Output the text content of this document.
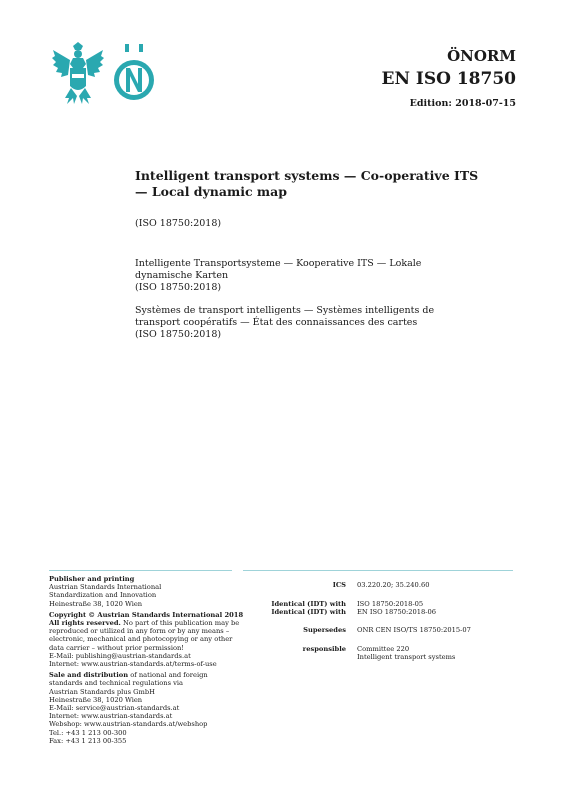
ÖNORM
EN ISO 18750
Edition: 2018-07-15
Intelligent transport systems — Co-operative ITS — Local dynamic map
(ISO 18750:2018)
Intelligente Transportsysteme — Kooperative ITS — Lokale dynamische Karten
(ISO 18750:2018)
Systèmes de transport intelligents — Systèmes intelligents de transport coopératifs — État des connaissances des cartes
(ISO 18750:2018)
Publisher and printing
Austrian Standards International
Standardization and Innovation
Heinestraße 38, 1020 Wien
Copyright © Austrian Standards International 2018
All rights reserved. No part of this publication may be
reproduced or utilized in any form or by any means –
electronic, mechanical and photocopying or any other
data carrier – without prior permission!
E-Mail: publishing@austrian-standards.at
Internet: www.austrian-standards.at/terms-of-use
Sale and distribution of national and foreign
standards and technical regulations via
Austrian Standards plus GmbH
Heinestraße 38, 1020 Wien
E-Mail: service@austrian-standards.at
Internet: www.austrian-standards.at
Webshop: www.austrian-standards.at/webshop
Tel.: +43 1 213 00-300
Fax: +43 1 213 00-355
ICS 03.220.20; 35.240.60
Identical (IDT) with
Identical (IDT) with
ISO 18750:2018-05
EN ISO 18750:2018-06
Supersedes ONR CEN ISO/TS 18750:2015-07
responsible Committee 220
Intelligent transport systems
